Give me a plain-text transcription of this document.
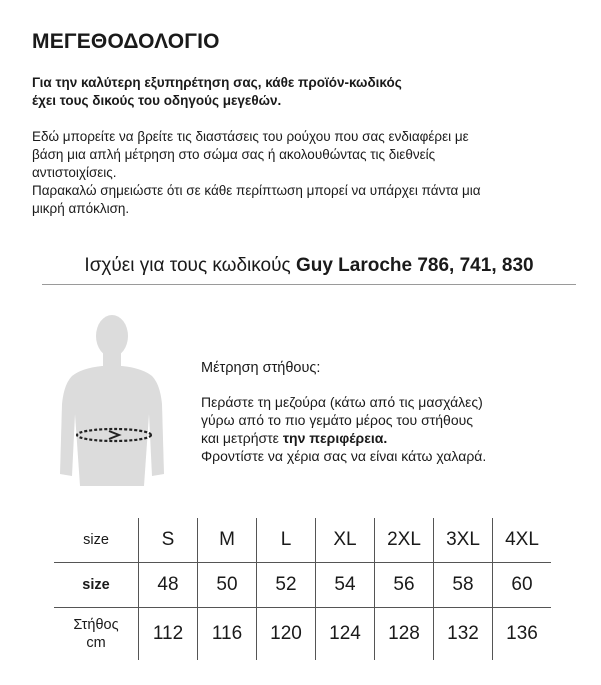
ΜΕΓΕΘΟΔΟΛΟΓΙΟ
Για την καλύτερη εξυπηρέτηση σας, κάθε προϊόν-κωδικός
έχει τους δικούς του οδηγούς μεγεθών.
Εδώ μπορείτε να βρείτε τις διαστάσεις του ρούχου που σας ενδιαφέρει με
βάση μια απλή μέτρηση στο σώμα σας ή ακολουθώντας τις διεθνείς
αντιστοιχίσεις.
Παρακαλώ σημειώστε ότι σε κάθε περίπτωση μπορεί να υπάρχει πάντα μια
μικρή απόκλιση.
Ισχύει για τους κωδικούς Guy Laroche 786, 741, 830
Μέτρηση στήθους:
Περάστε τη μεζούρα (κάτω από τις μασχάλες)
γύρω από το πιο γεμάτο μέρος του στήθους
και μετρήστε την περιφέρεια.
Φροντίστε να χέρια σας να είναι κάτω χαλαρά.
size	S	M	L	XL	2XL	3XL	4XL
size	48	50	52	54	56	58	60

Στήθος
cm	112	116	120	124	128	132	136
